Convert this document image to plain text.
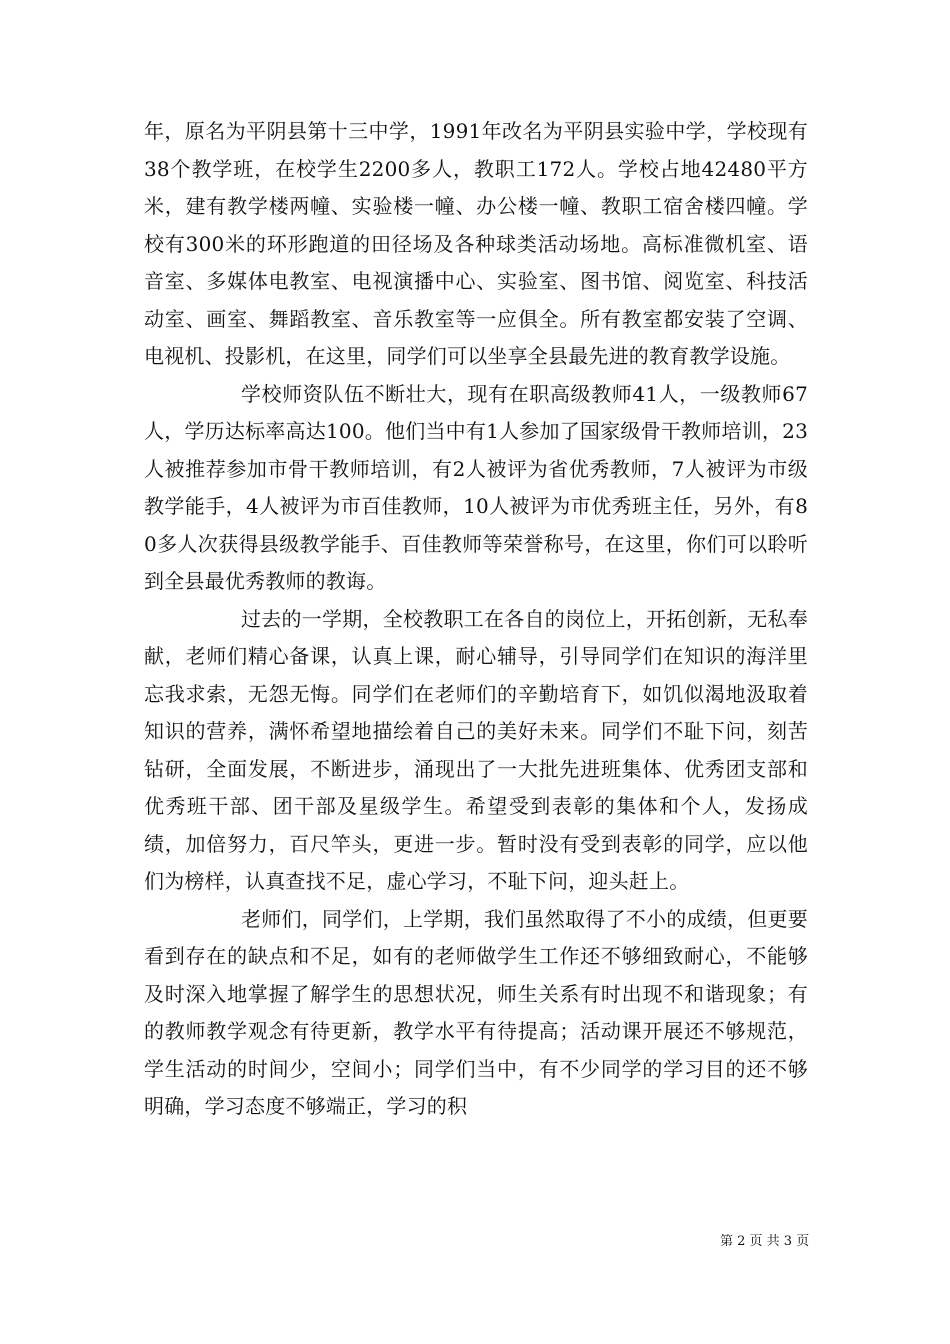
年，原名为平阴县第十三中学，1991年改名为平阴县实验中学，学校现有38个教学班，在校学生2200多人，教职工172人。学校占地42480平方米，建有教学楼两幢、实验楼一幢、办公楼一幢、教职工宿舍楼四幢。学校有300米的环形跑道的田径场及各种球类活动场地。高标准微机室、语音室、多媒体电教室、电视演播中心、实验室、图书馆、阅览室、科技活动室、画室、舞蹈教室、音乐教室等一应俱全。所有教室都安装了空调、电视机、投影机，在这里，同学们可以坐享全县最先进的教育教学设施。

学校师资队伍不断壮大，现有在职高级教师41人，一级教师67人，学历达标率高达100。他们当中有1人参加了国家级骨干教师培训，23人被推荐参加市骨干教师培训，有2人被评为省优秀教师，7人被评为市级教学能手，4人被评为市百佳教师，10人被评为市优秀班主任，另外，有80多人次获得县级教学能手、百佳教师等荣誉称号，在这里，你们可以聆听到全县最优秀教师的教诲。

过去的一学期，全校教职工在各自的岗位上，开拓创新，无私奉献，老师们精心备课，认真上课，耐心辅导，引导同学们在知识的海洋里忘我求索，无怨无悔。同学们在老师们的辛勤培育下，如饥似渴地汲取着知识的营养，满怀希望地描绘着自己的美好未来。同学们不耻下问，刻苦钻研，全面发展，不断进步，涌现出了一大批先进班集体、优秀团支部和优秀班干部、团干部及星级学生。希望受到表彰的集体和个人，发扬成绩，加倍努力，百尺竿头，更进一步。暂时没有受到表彰的同学，应以他们为榜样，认真查找不足，虚心学习，不耻下问，迎头赶上。

老师们，同学们，上学期，我们虽然取得了不小的成绩，但更要看到存在的缺点和不足，如有的老师做学生工作还不够细致耐心，不能够及时深入地掌握了解学生的思想状况，师生关系有时出现不和谐现象；有的教师教学观念有待更新，教学水平有待提高；活动课开展还不够规范，学生活动的时间少，空间小；同学们当中，有不少同学的学习目的还不够明确，学习态度不够端正，学习的积

第 2 页 共 3 页
